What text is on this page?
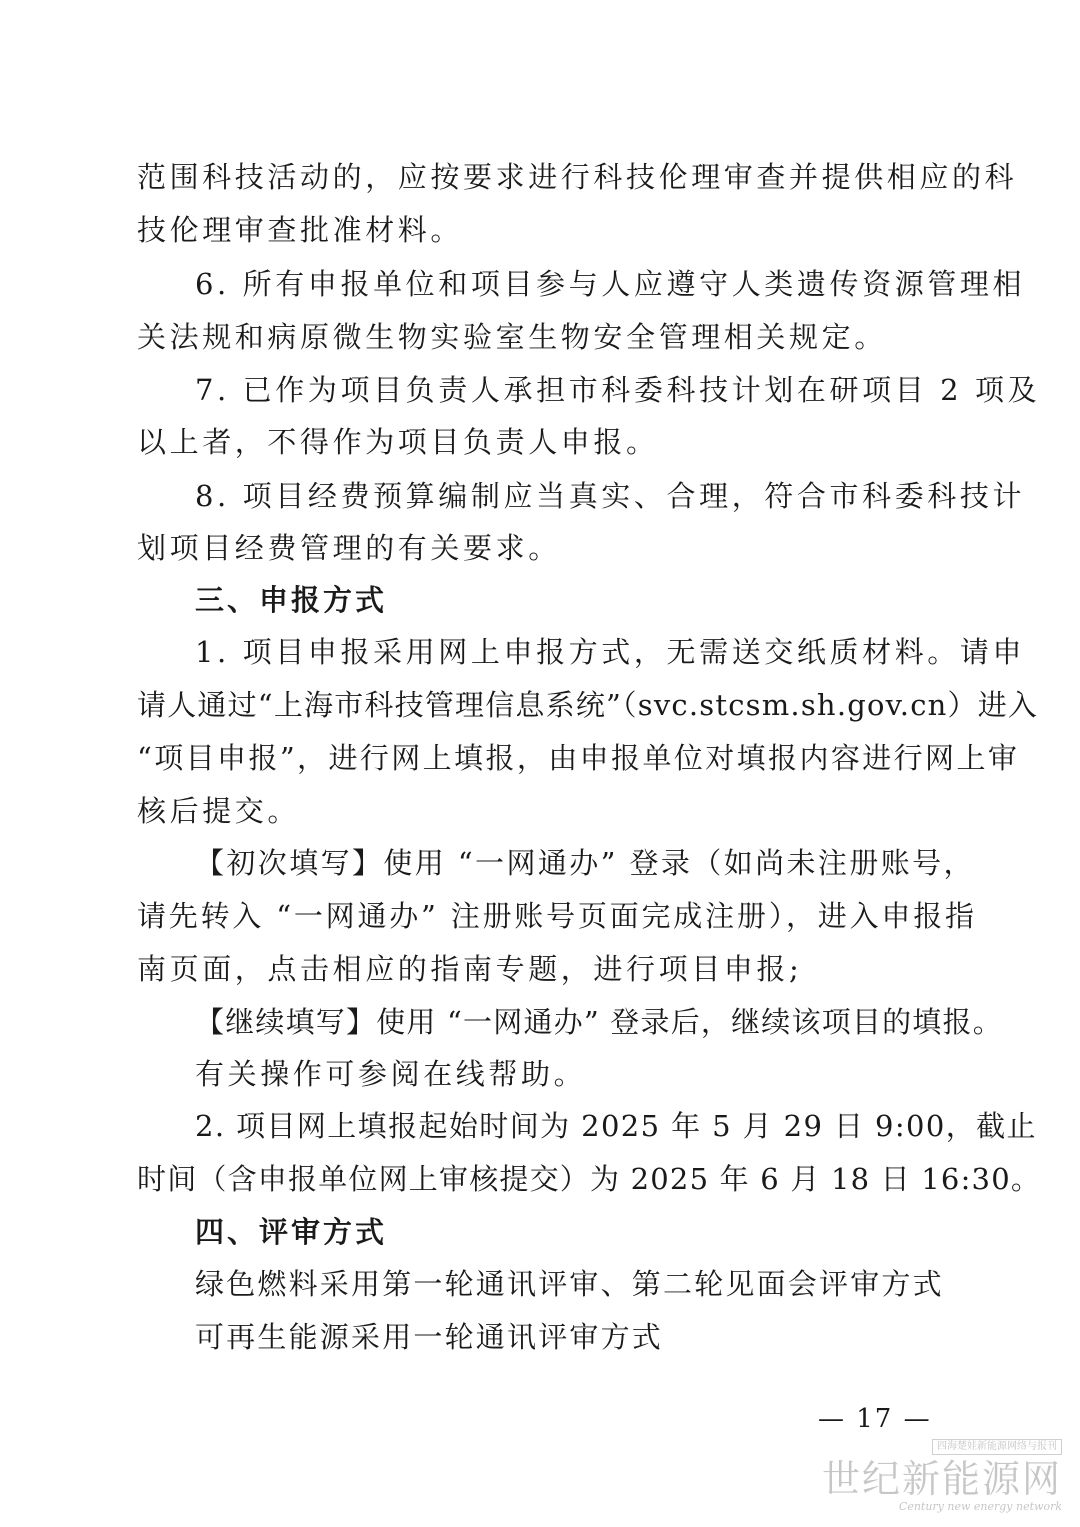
范围科技活动的，应按要求进行科技伦理审查并提供相应的科
技伦理审查批准材料。
6. 所有申报单位和项目参与人应遵守人类遗传资源管理相
关法规和病原微生物实验室生物安全管理相关规定。
7. 已作为项目负责人承担市科委科技计划在研项目 2 项及
以上者，不得作为项目负责人申报。
8. 项目经费预算编制应当真实、合理，符合市科委科技计
划项目经费管理的有关要求。
三、申报方式
1. 项目申报采用网上申报方式，无需送交纸质材料。请申
请人通过“上海市科技管理信息系统”（svc.stcsm.sh.gov.cn）进入
“项目申报”，进行网上填报，由申报单位对填报内容进行网上审
核后提交。
【初次填写】使用 “一网通办” 登录（如尚未注册账号，
请先转入 “一网通办” 注册账号页面完成注册），进入申报指
南页面，点击相应的指南专题，进行项目申报;
【继续填写】使用 “一网通办” 登录后，继续该项目的填报。
有关操作可参阅在线帮助。
2. 项目网上填报起始时间为 2025 年 5 月 29 日 9:00，截止
时间（含申报单位网上审核提交）为 2025 年 6 月 18 日 16:30。
四、评审方式
绿色燃料采用第一轮通讯评审、第二轮见面会评审方式
可再生能源采用一轮通讯评审方式
— 17 —
四海楚娃新能源网络与报刊
世纪新能源网
Century new energy network
